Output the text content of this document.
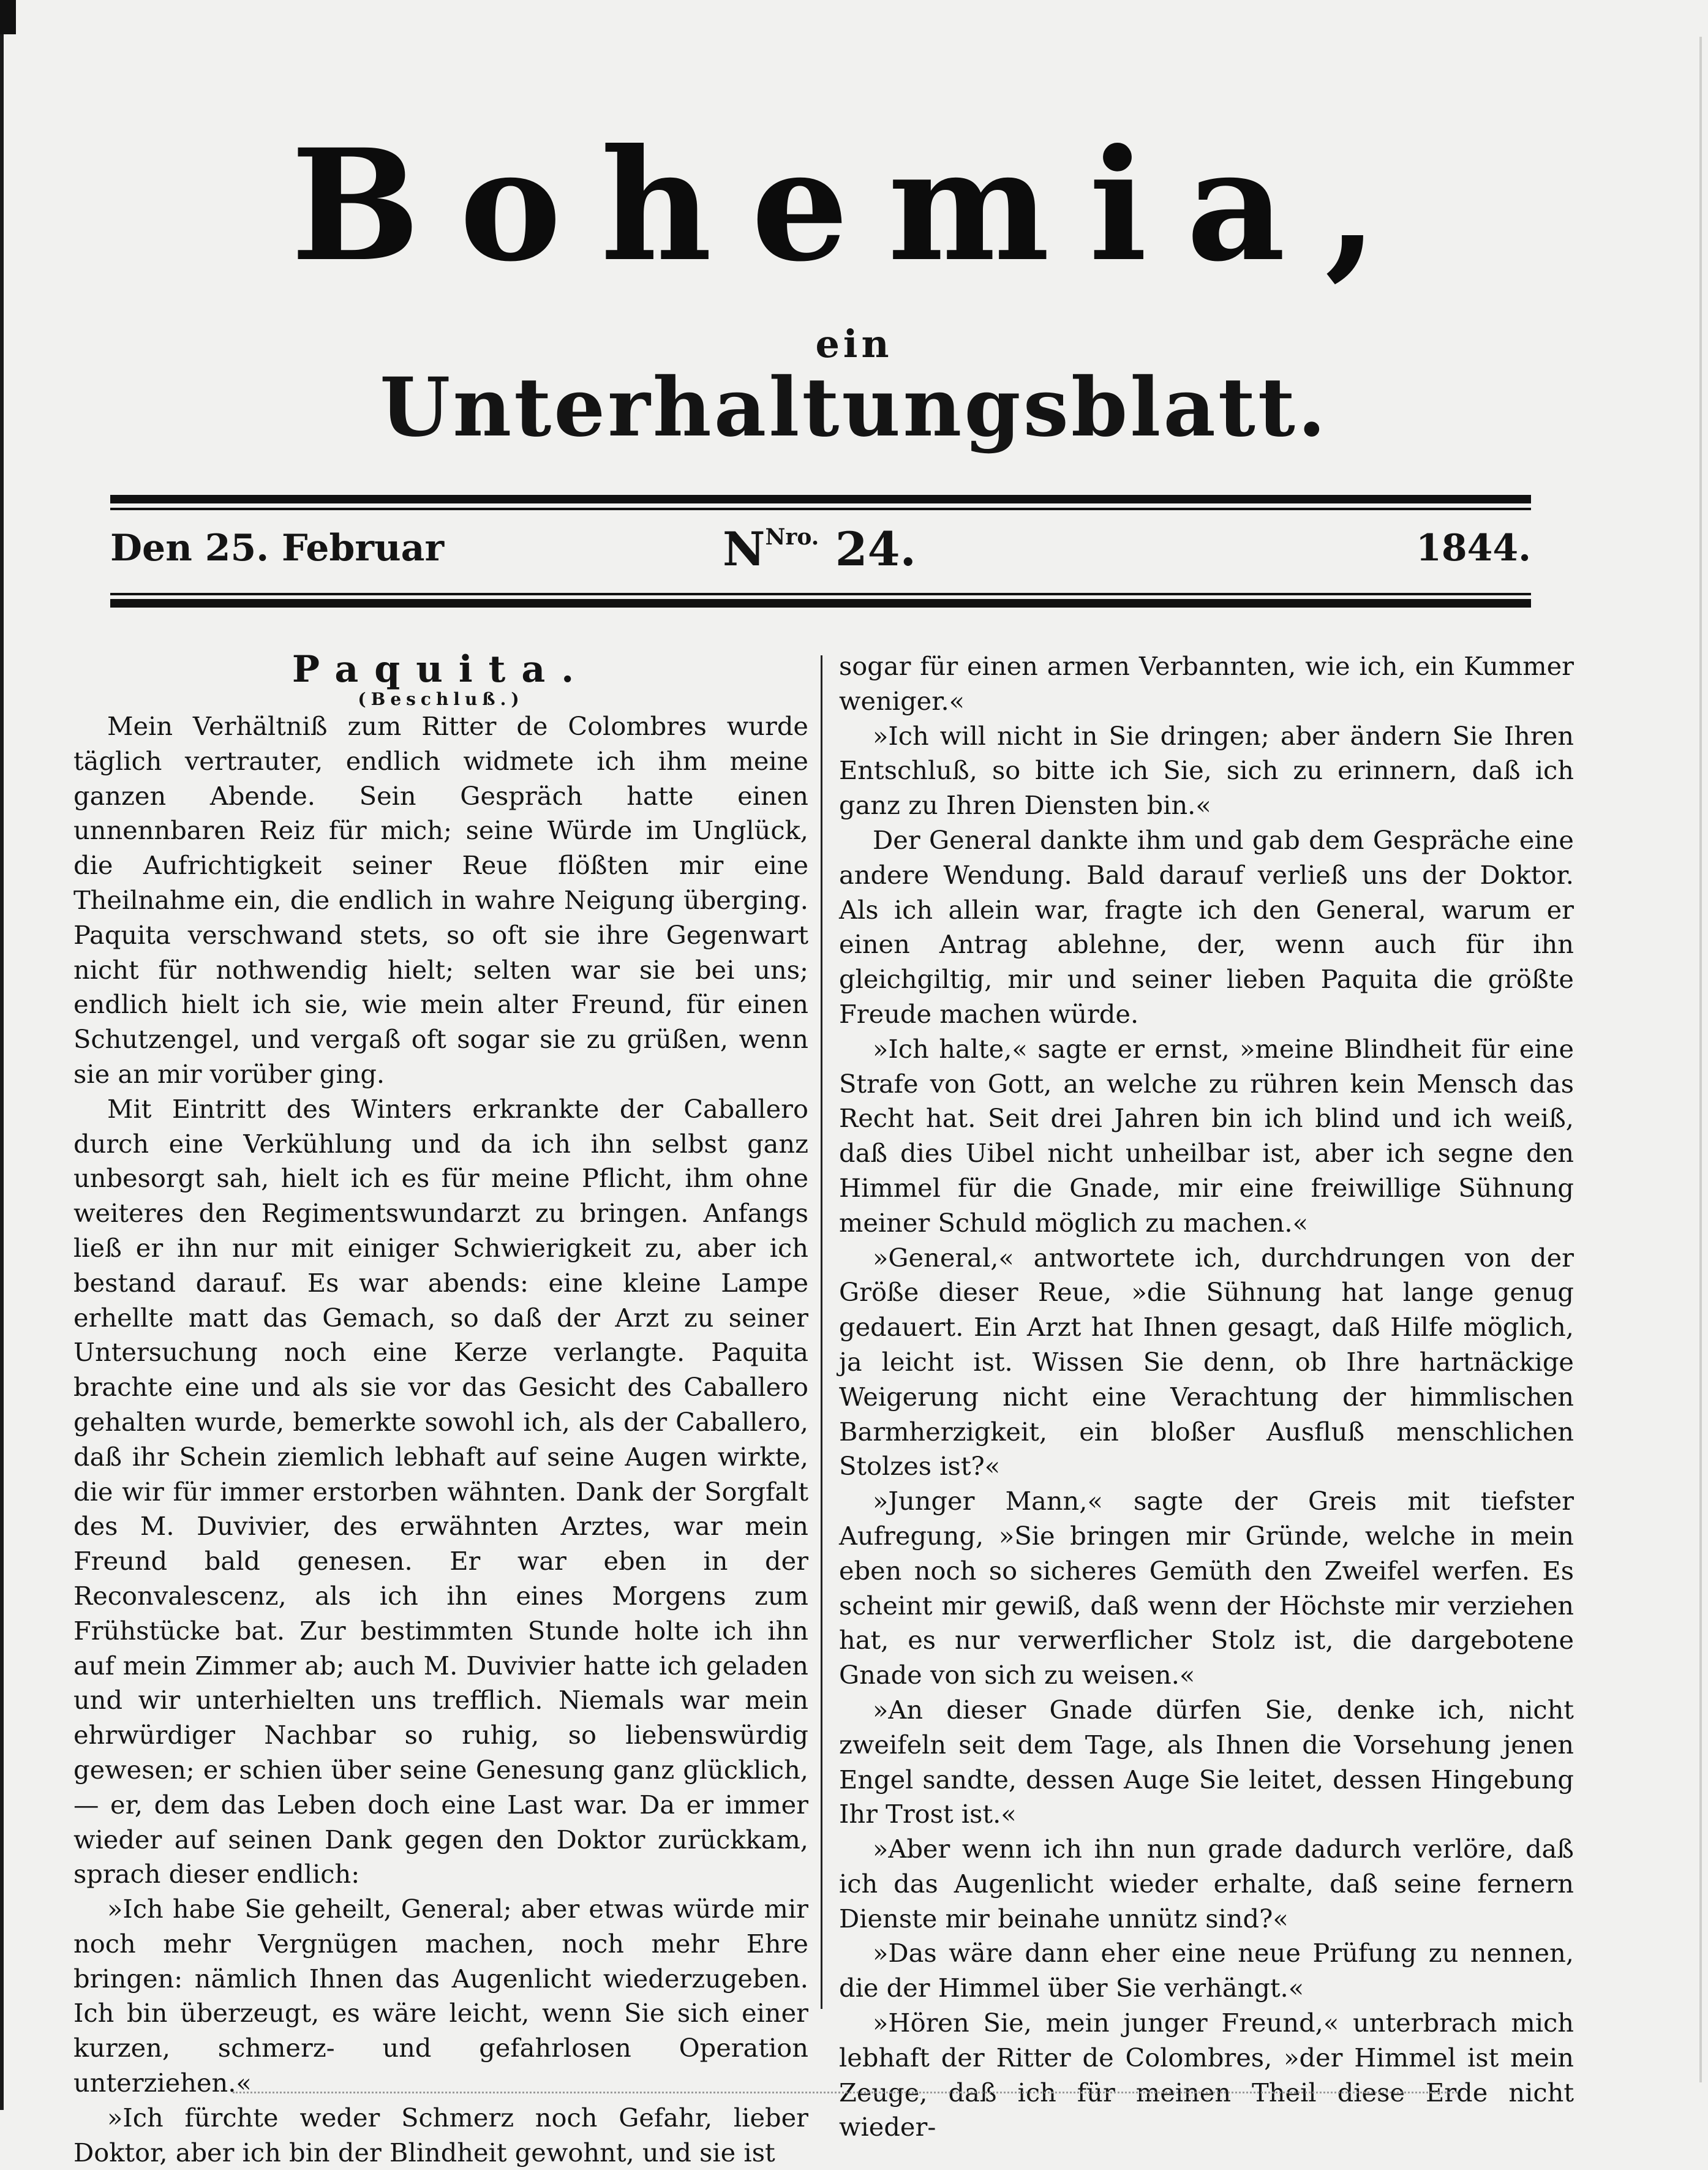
Bohemia,
ein
Unterhaltungsblatt.
Den 25. Februar	$N^{Nro.}$ 24.	1844.

Paquita.

(Beschluß.)

Mein Verhältniß zum Ritter de Colombres wurde täglich vertrauter, endlich widmete ich ihm meine ganzen Abende. Sein Gespräch hatte einen unnennbaren Reiz für mich; seine Würde im Unglück, die Aufrichtigkeit seiner Reue flößten mir eine Theilnahme ein, die endlich in wahre Neigung überging. Paquita verschwand stets, so oft sie ihre Gegenwart nicht für nothwendig hielt; selten war sie bei uns; endlich hielt ich sie, wie mein alter Freund, für einen Schutzengel, und vergaß oft sogar sie zu grüßen, wenn sie an mir vorüber ging.

Mit Eintritt des Winters erkrankte der Caballero durch eine Verkühlung und da ich ihn selbst ganz unbesorgt sah, hielt ich es für meine Pflicht, ihm ohne weiteres den Regimentswundarzt zu bringen. Anfangs ließ er ihn nur mit einiger Schwierigkeit zu, aber ich bestand darauf. Es war abends: eine kleine Lampe erhellte matt das Gemach, so daß der Arzt zu seiner Untersuchung noch eine Kerze verlangte. Paquita brachte eine und als sie vor das Gesicht des Caballero gehalten wurde, bemerkte sowohl ich, als der Caballero, daß ihr Schein ziemlich lebhaft auf seine Augen wirkte, die wir für immer erstorben wähnten. Dank der Sorgfalt des M. Duvivier, des erwähnten Arztes, war mein Freund bald genesen. Er war eben in der Reconvalescenz, als ich ihn eines Morgens zum Frühstücke bat. Zur bestimmten Stunde holte ich ihn auf mein Zimmer ab; auch M. Duvivier hatte ich geladen und wir unterhielten uns trefflich. Niemals war mein ehrwürdiger Nachbar so ruhig, so liebenswürdig gewesen; er schien über seine Genesung ganz glücklich, — er, dem das Leben doch eine Last war. Da er immer wieder auf seinen Dank gegen den Doktor zurückkam, sprach dieser endlich:

»Ich habe Sie geheilt, General; aber etwas würde mir noch mehr Vergnügen machen, noch mehr Ehre bringen: nämlich Ihnen das Augenlicht wiederzugeben. Ich bin überzeugt, es wäre leicht, wenn Sie sich einer kurzen, schmerz- und gefahrlosen Operation unterziehen.«

»Ich fürchte weder Schmerz noch Gefahr, lieber Doktor, aber ich bin der Blindheit gewohnt, und sie ist

sogar für einen armen Verbannten, wie ich, ein Kummer weniger.«

»Ich will nicht in Sie dringen; aber ändern Sie Ihren Entschluß, so bitte ich Sie, sich zu erinnern, daß ich ganz zu Ihren Diensten bin.«

Der General dankte ihm und gab dem Gespräche eine andere Wendung. Bald darauf verließ uns der Doktor. Als ich allein war, fragte ich den General, warum er einen Antrag ablehne, der, wenn auch für ihn gleichgiltig, mir und seiner lieben Paquita die größte Freude machen würde.

»Ich halte,« sagte er ernst, »meine Blindheit für eine Strafe von Gott, an welche zu rühren kein Mensch das Recht hat. Seit drei Jahren bin ich blind und ich weiß, daß dies Uibel nicht unheilbar ist, aber ich segne den Himmel für die Gnade, mir eine freiwillige Sühnung meiner Schuld möglich zu machen.«

»General,« antwortete ich, durchdrungen von der Größe dieser Reue, »die Sühnung hat lange genug gedauert. Ein Arzt hat Ihnen gesagt, daß Hilfe möglich, ja leicht ist. Wissen Sie denn, ob Ihre hartnäckige Weigerung nicht eine Verachtung der himmlischen Barmherzigkeit, ein bloßer Ausfluß menschlichen Stolzes ist?«

»Junger Mann,« sagte der Greis mit tiefster Aufregung, »Sie bringen mir Gründe, welche in mein eben noch so sicheres Gemüth den Zweifel werfen. Es scheint mir gewiß, daß wenn der Höchste mir verziehen hat, es nur verwerflicher Stolz ist, die dargebotene Gnade von sich zu weisen.«

»An dieser Gnade dürfen Sie, denke ich, nicht zweifeln seit dem Tage, als Ihnen die Vorsehung jenen Engel sandte, dessen Auge Sie leitet, dessen Hingebung Ihr Trost ist.«

»Aber wenn ich ihn nun grade dadurch verlöre, daß ich das Augenlicht wieder erhalte, daß seine fernern Dienste mir beinahe unnütz sind?«

»Das wäre dann eher eine neue Prüfung zu nennen, die der Himmel über Sie verhängt.«

»Hören Sie, mein junger Freund,« unterbrach mich lebhaft der Ritter de Colombres, »der Himmel ist mein Zeuge, daß ich für meinen Theil diese Erde nicht wieder-
